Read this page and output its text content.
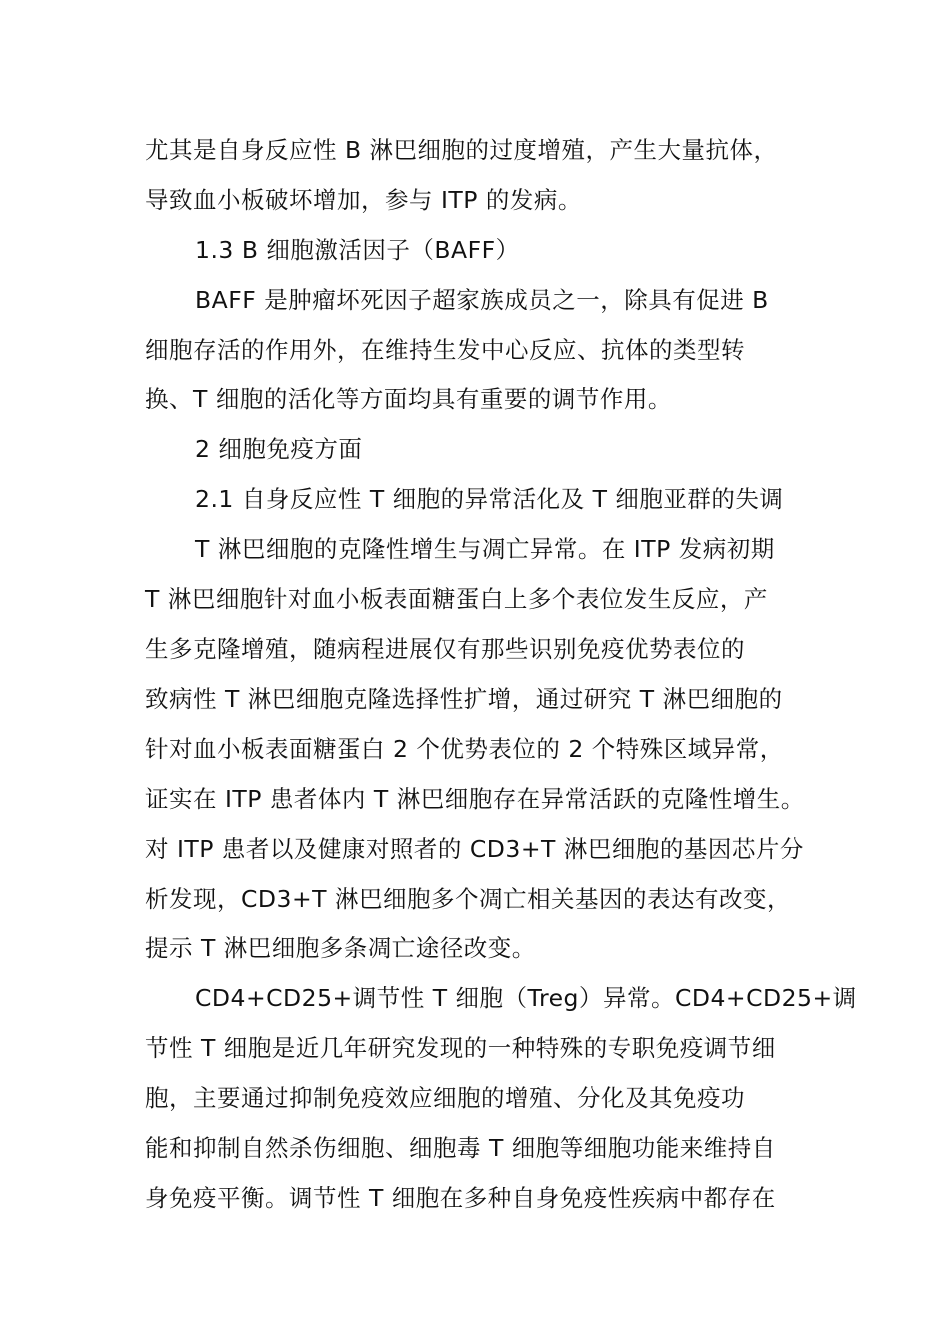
尤其是自身反应性 B 淋巴细胞的过度增殖，产生大量抗体，
导致血小板破坏增加，参与 ITP 的发病。
1.3 B 细胞激活因子（BAFF）
BAFF 是肿瘤坏死因子超家族成员之一，除具有促进 B
细胞存活的作用外，在维持生发中心反应、抗体的类型转
换、T 细胞的活化等方面均具有重要的调节作用。
2 细胞免疫方面
2.1 自身反应性 T 细胞的异常活化及 T 细胞亚群的失调
T 淋巴细胞的克隆性增生与凋亡异常。在 ITP 发病初期
T 淋巴细胞针对血小板表面糖蛋白上多个表位发生反应，产
生多克隆增殖，随病程进展仅有那些识别免疫优势表位的
致病性 T 淋巴细胞克隆选择性扩增，通过研究 T 淋巴细胞的
针对血小板表面糖蛋白 2 个优势表位的 2 个特殊区域异常，
证实在 ITP 患者体内 T 淋巴细胞存在异常活跃的克隆性增生。
对 ITP 患者以及健康对照者的 CD3+T 淋巴细胞的基因芯片分
析发现，CD3+T 淋巴细胞多个凋亡相关基因的表达有改变，
提示 T 淋巴细胞多条凋亡途径改变。
CD4+CD25+调节性 T 细胞（Treg）异常。CD4+CD25+调
节性 T 细胞是近几年研究发现的一种特殊的专职免疫调节细
胞，主要通过抑制免疫效应细胞的增殖、分化及其免疫功
能和抑制自然杀伤细胞、细胞毒 T 细胞等细胞功能来维持自
身免疫平衡。调节性 T 细胞在多种自身免疫性疾病中都存在
